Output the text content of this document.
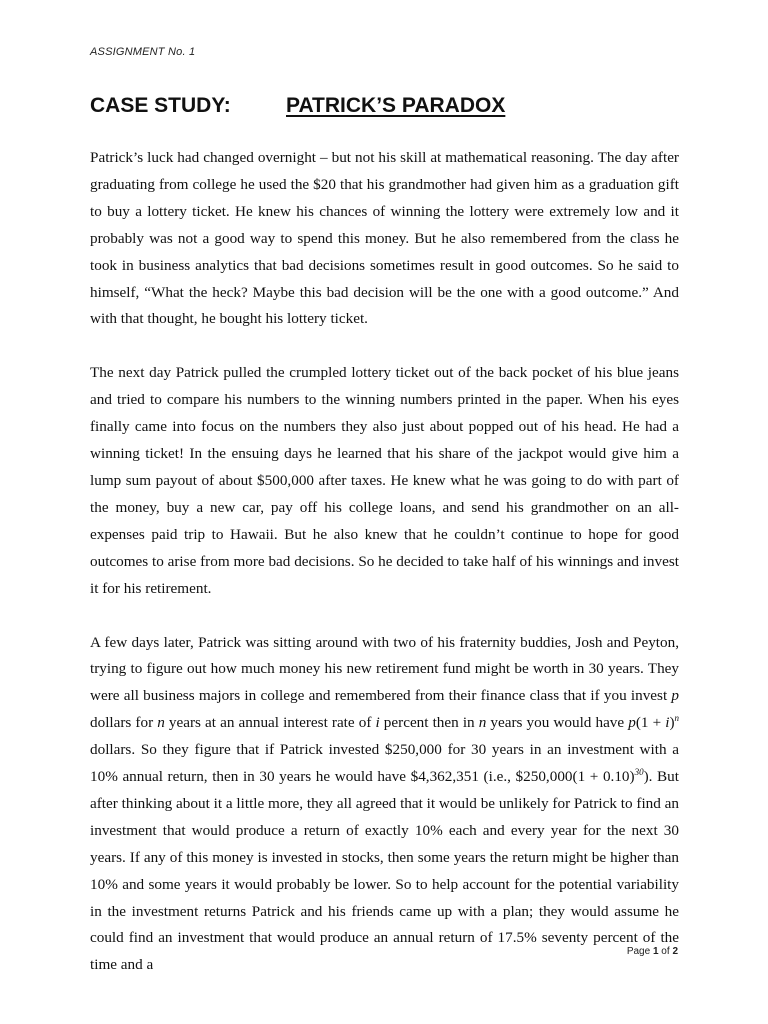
ASSIGNMENT No. 1
CASE STUDY:	PATRICK’S PARADOX

Patrick’s luck had changed overnight – but not his skill at mathematical reasoning. The day after graduating from college he used the $20 that his grandmother had given him as a graduation gift to buy a lottery ticket. He knew his chances of winning the lottery were extremely low and it probably was not a good way to spend this money. But he also remembered from the class he took in business analytics that bad decisions sometimes result in good outcomes. So he said to himself, “What the heck? Maybe this bad decision will be the one with a good outcome.” And with that thought, he bought his lottery ticket.

The next day Patrick pulled the crumpled lottery ticket out of the back pocket of his blue jeans and tried to compare his numbers to the winning numbers printed in the paper. When his eyes finally came into focus on the numbers they also just about popped out of his head. He had a winning ticket! In the ensuing days he learned that his share of the jackpot would give him a lump sum payout of about $500,000 after taxes. He knew what he was going to do with part of the money, buy a new car, pay off his college loans, and send his grandmother on an all-expenses paid trip to Hawaii. But he also knew that he couldn’t continue to hope for good outcomes to arise from more bad decisions. So he decided to take half of his winnings and invest it for his retirement.

A few days later, Patrick was sitting around with two of his fraternity buddies, Josh and Peyton, trying to figure out how much money his new retirement fund might be worth in 30 years. They were all business majors in college and remembered from their finance class that if you invest p dollars for n years at an annual interest rate of i percent then in n years you would have $p(1 + i)^n$ dollars. So they figure that if Patrick invested $250,000 for 30 years in an investment with a 10% annual return, then in 30 years he would have $4,362,351 (i.e., $250,000(1 + 0.10)$^{30}$). But after thinking about it a little more, they all agreed that it would be unlikely for Patrick to find an investment that would produce a return of exactly 10% each and every year for the next 30 years. If any of this money is invested in stocks, then some years the return might be higher than 10% and some years it would probably be lower. So to help account for the potential variability in the investment returns Patrick and his friends came up with a plan; they would assume he could find an investment that would produce an annual return of 17.5% seventy percent of the time and a

Page 1 of 2
